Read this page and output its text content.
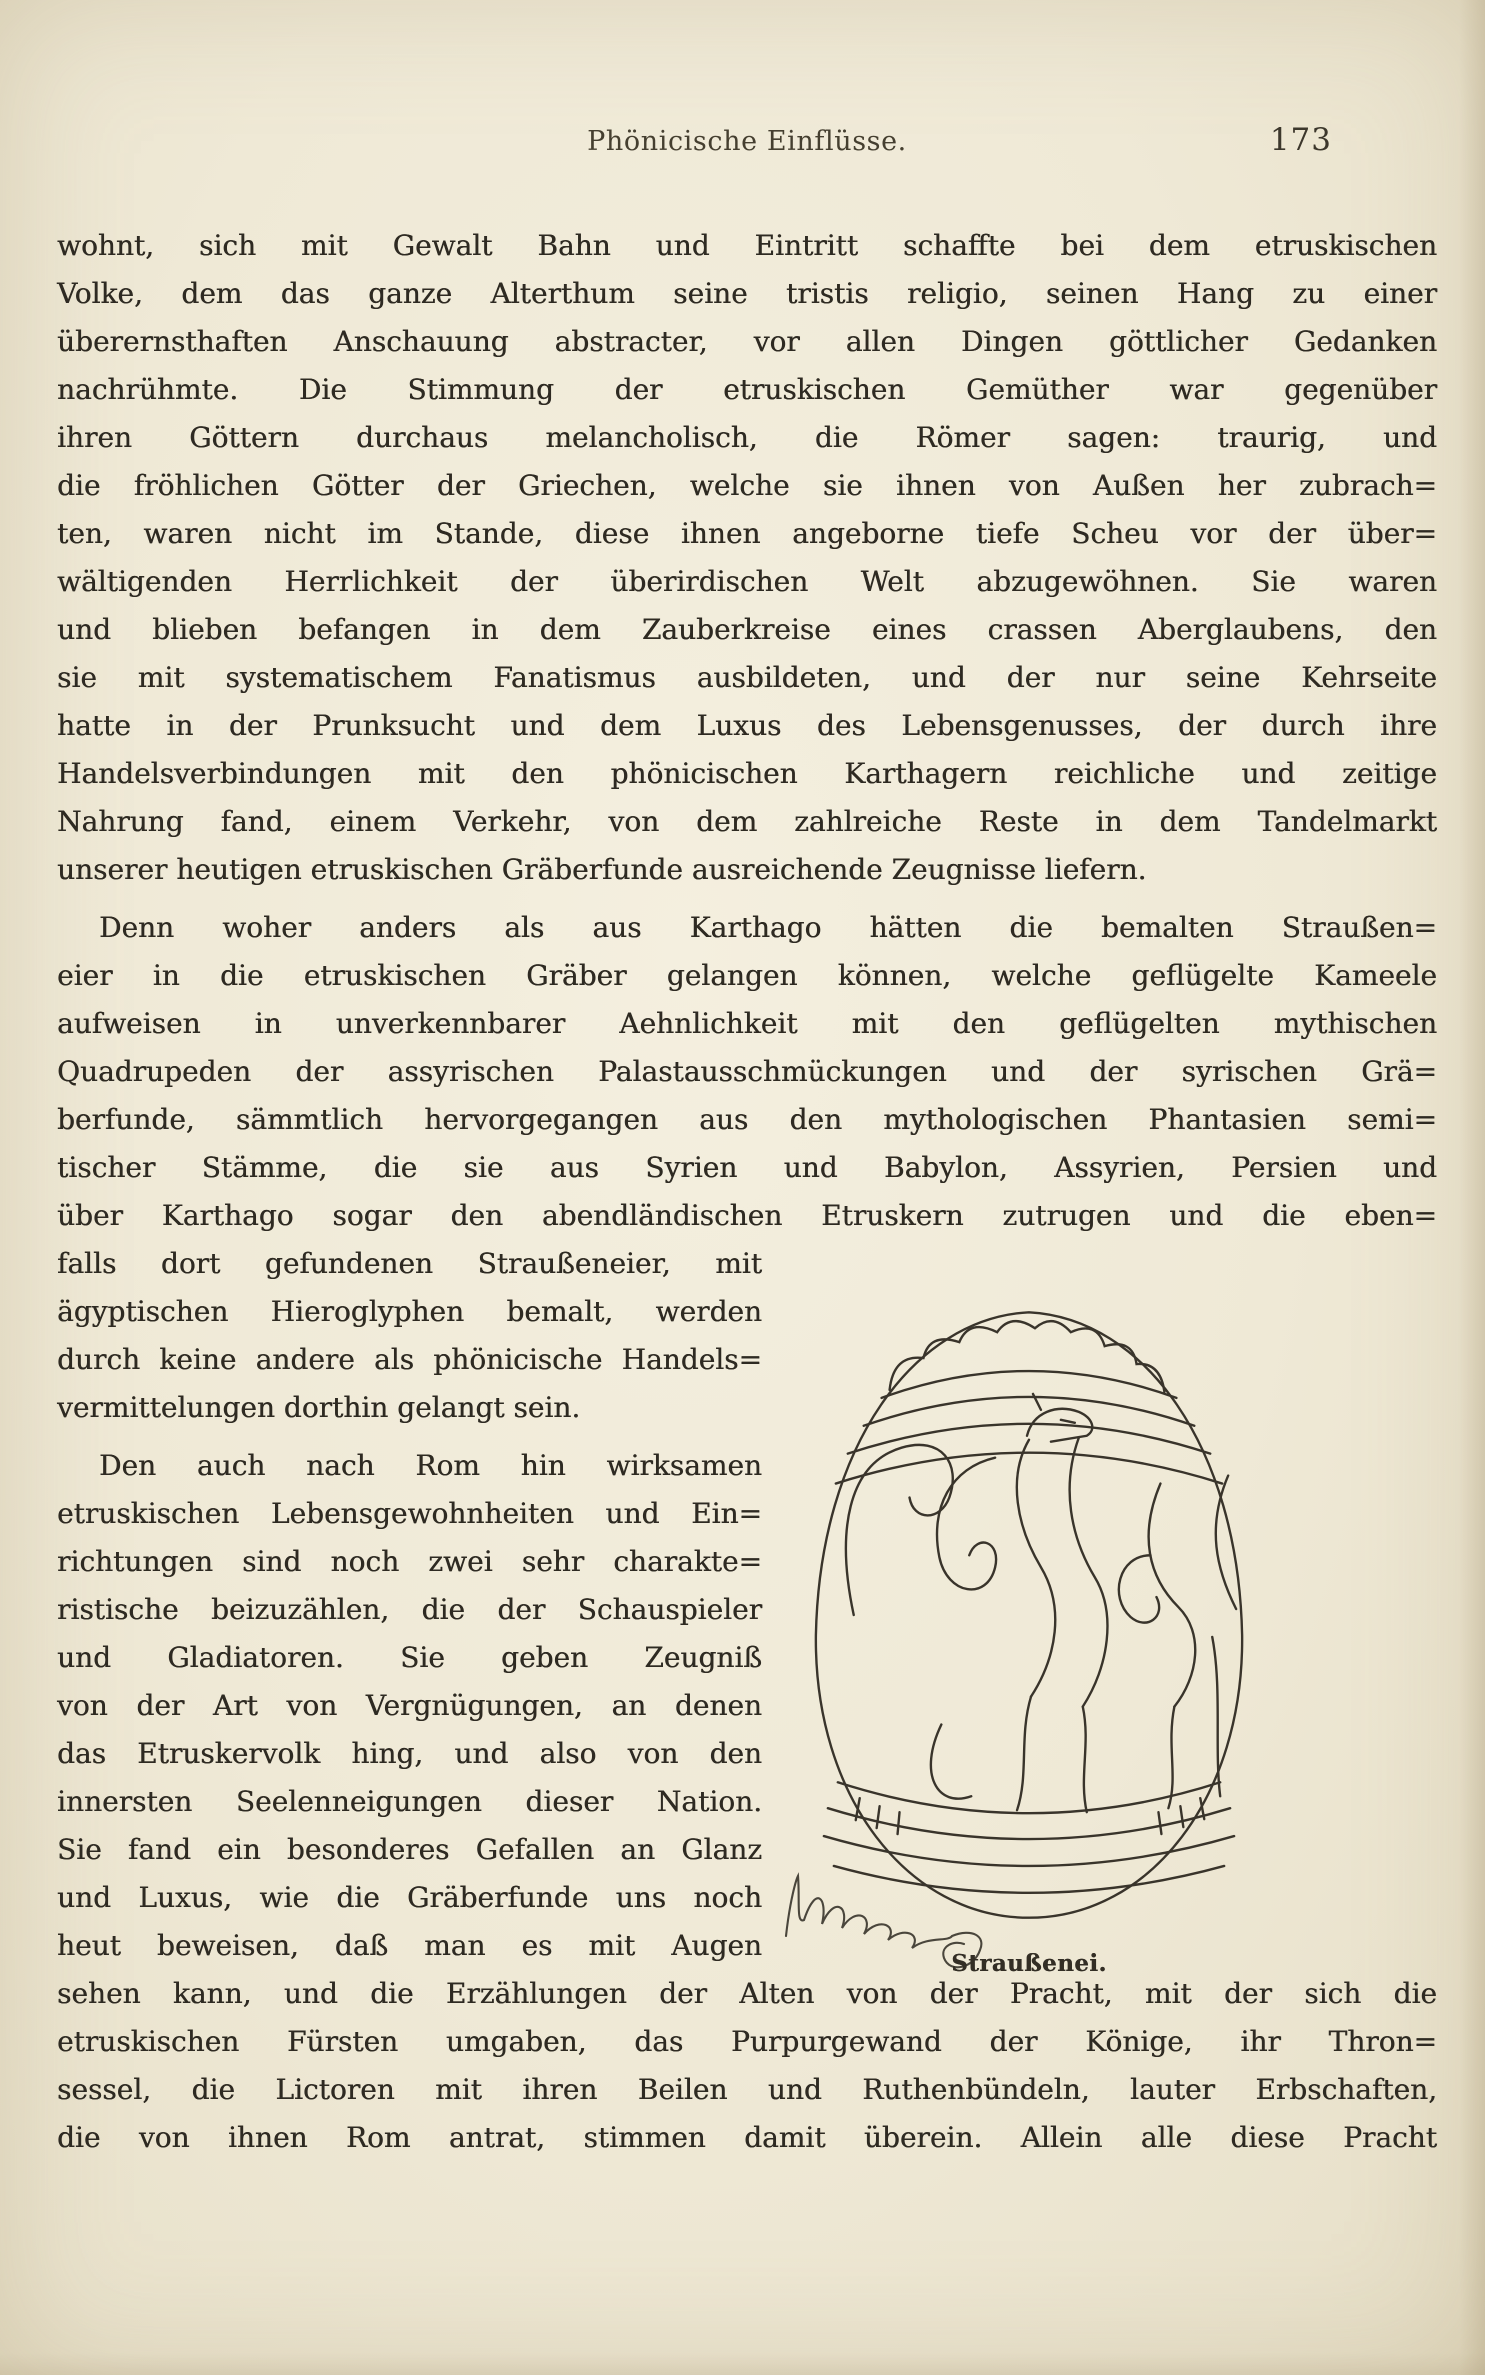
Phönicische Einflüsse.	173
wohnt, sich mit Gewalt Bahn und Eintritt schaffte bei dem etruskischen
Volke, dem das ganze Alterthum seine tristis religio, seinen Hang zu einer
überernsthaften Anschauung abstracter, vor allen Dingen göttlicher Gedanken
nachrühmte. Die Stimmung der etruskischen Gemüther war gegenüber
ihren Göttern durchaus melancholisch, die Römer sagen: traurig, und
die fröhlichen Götter der Griechen, welche sie ihnen von Außen her zubrach=
ten, waren nicht im Stande, diese ihnen angeborne tiefe Scheu vor der über=
wältigenden Herrlichkeit der überirdischen Welt abzugewöhnen. Sie waren
und blieben befangen in dem Zauberkreise eines crassen Aberglaubens, den
sie mit systematischem Fanatismus ausbildeten, und der nur seine Kehrseite
hatte in der Prunksucht und dem Luxus des Lebensgenusses, der durch ihre
Handelsverbindungen mit den phönicischen Karthagern reichliche und zeitige
Nahrung fand, einem Verkehr, von dem zahlreiche Reste in dem Tandelmarkt
unserer heutigen etruskischen Gräberfunde ausreichende Zeugnisse liefern.
Denn woher anders als aus Karthago hätten die bemalten Straußen=
eier in die etruskischen Gräber gelangen können, welche geflügelte Kameele
aufweisen in unverkennbarer Aehnlichkeit mit den geflügelten mythischen
Quadrupeden der assyrischen Palastausschmückungen und der syrischen Grä=
berfunde, sämmtlich hervorgegangen aus den mythologischen Phantasien semi=
tischer Stämme, die sie aus Syrien und Babylon, Assyrien, Persien und
über Karthago sogar den abendländischen Etruskern zutrugen und die eben=
falls dort gefundenen Straußeneier, mit
ägyptischen Hieroglyphen bemalt, werden
durch keine andere als phönicische Handels=
vermittelungen dorthin gelangt sein.
Den auch nach Rom hin wirksamen
etruskischen Lebensgewohnheiten und Ein=
richtungen sind noch zwei sehr charakte=
ristische beizuzählen, die der Schauspieler
und Gladiatoren. Sie geben Zeugniß
von der Art von Vergnügungen, an denen
das Etruskervolk hing, und also von den
innersten Seelenneigungen dieser Nation.
Sie fand ein besonderes Gefallen an Glanz
und Luxus, wie die Gräberfunde uns noch
heut beweisen, daß man es mit Augen
Straußenei.
sehen kann, und die Erzählungen der Alten von der Pracht, mit der sich die
etruskischen Fürsten umgaben, das Purpurgewand der Könige, ihr Thron=
sessel, die Lictoren mit ihren Beilen und Ruthenbündeln, lauter Erbschaften,
die von ihnen Rom antrat, stimmen damit überein. Allein alle diese Pracht
